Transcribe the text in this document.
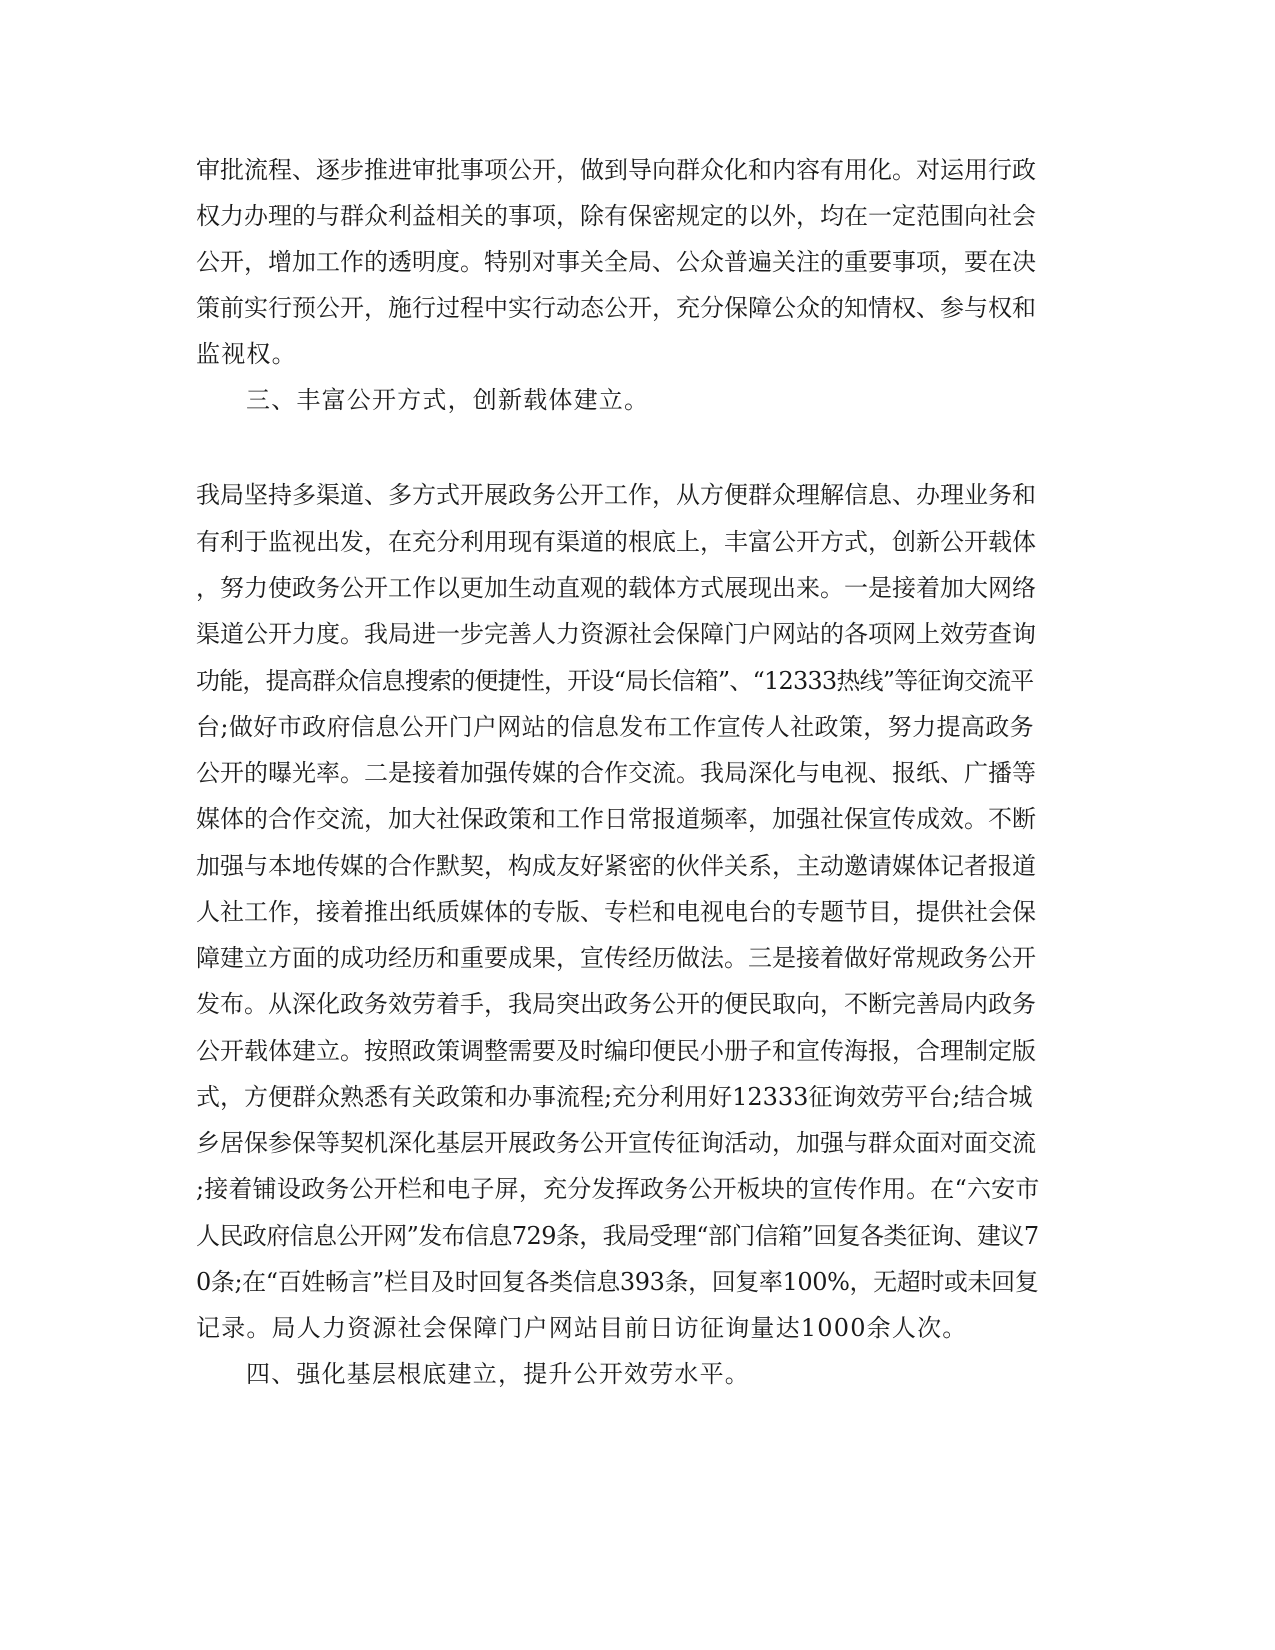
审批流程、逐步推进审批事项公开，做到导向群众化和内容有用化。对运用行政

权力办理的与群众利益相关的事项，除有保密规定的以外，均在一定范围向社会

公开，增加工作的透明度。特别对事关全局、公众普遍关注的重要事项，要在决

策前实行预公开，施行过程中实行动态公开，充分保障公众的知情权、参与权和

监视权。

三、丰富公开方式，创新载体建立。

我局坚持多渠道、多方式开展政务公开工作，从方便群众理解信息、办理业务和

有利于监视出发，在充分利用现有渠道的根底上，丰富公开方式，创新公开载体

，努力使政务公开工作以更加生动直观的载体方式展现出来。一是接着加大网络

渠道公开力度。我局进一步完善人力资源社会保障门户网站的各项网上效劳查询

功能，提高群众信息搜索的便捷性，开设“局长信箱”、“12333热线”等征询交流平

台;做好市政府信息公开门户网站的信息发布工作宣传人社政策，努力提高政务

公开的曝光率。二是接着加强传媒的合作交流。我局深化与电视、报纸、广播等

媒体的合作交流，加大社保政策和工作日常报道频率，加强社保宣传成效。不断

加强与本地传媒的合作默契，构成友好紧密的伙伴关系，主动邀请媒体记者报道

人社工作，接着推出纸质媒体的专版、专栏和电视电台的专题节目，提供社会保

障建立方面的成功经历和重要成果，宣传经历做法。三是接着做好常规政务公开

发布。从深化政务效劳着手，我局突出政务公开的便民取向，不断完善局内政务

公开载体建立。按照政策调整需要及时编印便民小册子和宣传海报，合理制定版

式，方便群众熟悉有关政策和办事流程;充分利用好12333征询效劳平台;结合城

乡居保参保等契机深化基层开展政务公开宣传征询活动，加强与群众面对面交流

;接着铺设政务公开栏和电子屏，充分发挥政务公开板块的宣传作用。在“六安市

人民政府信息公开网”发布信息729条，我局受理“部门信箱”回复各类征询、建议7

0条;在“百姓畅言”栏目及时回复各类信息393条，回复率100%，无超时或未回复

记录。局人力资源社会保障门户网站目前日访征询量达1000余人次。

四、强化基层根底建立，提升公开效劳水平。
